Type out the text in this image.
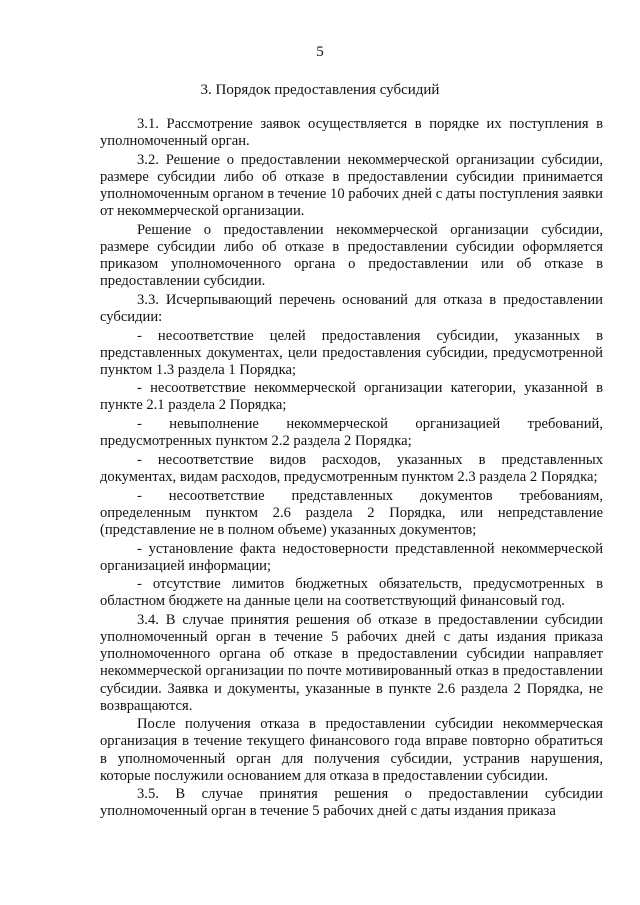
5
3. Порядок предоставления субсидий

3.1. Рассмотрение заявок осуществляется в порядке их поступления в уполномоченный орган.

3.2. Решение о предоставлении некоммерческой организации субсидии, размере субсидии либо об отказе в предоставлении субсидии принимается уполномоченным органом в течение 10 рабочих дней с даты поступления заявки от некоммерческой организации.

Решение о предоставлении некоммерческой организации субсидии, размере субсидии либо об отказе в предоставлении субсидии оформляется приказом уполномоченного органа о предоставлении или об отказе в предоставлении субсидии.

3.3. Исчерпывающий перечень оснований для отказа в предоставлении субсидии:

- несоответствие целей предоставления субсидии, указанных в представленных документах, цели предоставления субсидии, предусмотренной пунктом 1.3 раздела 1 Порядка;

- несоответствие некоммерческой организации категории, указанной в пункте 2.1 раздела 2 Порядка;

- невыполнение некоммерческой организацией требований, предусмотренных пунктом 2.2 раздела 2 Порядка;

- несоответствие видов расходов, указанных в представленных документах, видам расходов, предусмотренным пунктом 2.3 раздела 2 Порядка;

- несоответствие представленных документов требованиям, определенным пунктом 2.6 раздела 2 Порядка, или непредставление (представление не в полном объеме) указанных документов;

- установление факта недостоверности представленной некоммерческой организацией информации;

- отсутствие лимитов бюджетных обязательств, предусмотренных в областном бюджете на данные цели на соответствующий финансовый год.

3.4. В случае принятия решения об отказе в предоставлении субсидии уполномоченный орган в течение 5 рабочих дней с даты издания приказа уполномоченного органа об отказе в предоставлении субсидии направляет некоммерческой организации по почте мотивированный отказ в предоставлении субсидии. Заявка и документы, указанные в пункте 2.6 раздела 2 Порядка, не возвращаются.

После получения отказа в предоставлении субсидии некоммерческая организация в течение текущего финансового года вправе повторно обратиться в уполномоченный орган для получения субсидии, устранив нарушения, которые послужили основанием для отказа в предоставлении субсидии.

3.5. В случае принятия решения о предоставлении субсидии уполномоченный орган в течение 5 рабочих дней с даты издания приказа
